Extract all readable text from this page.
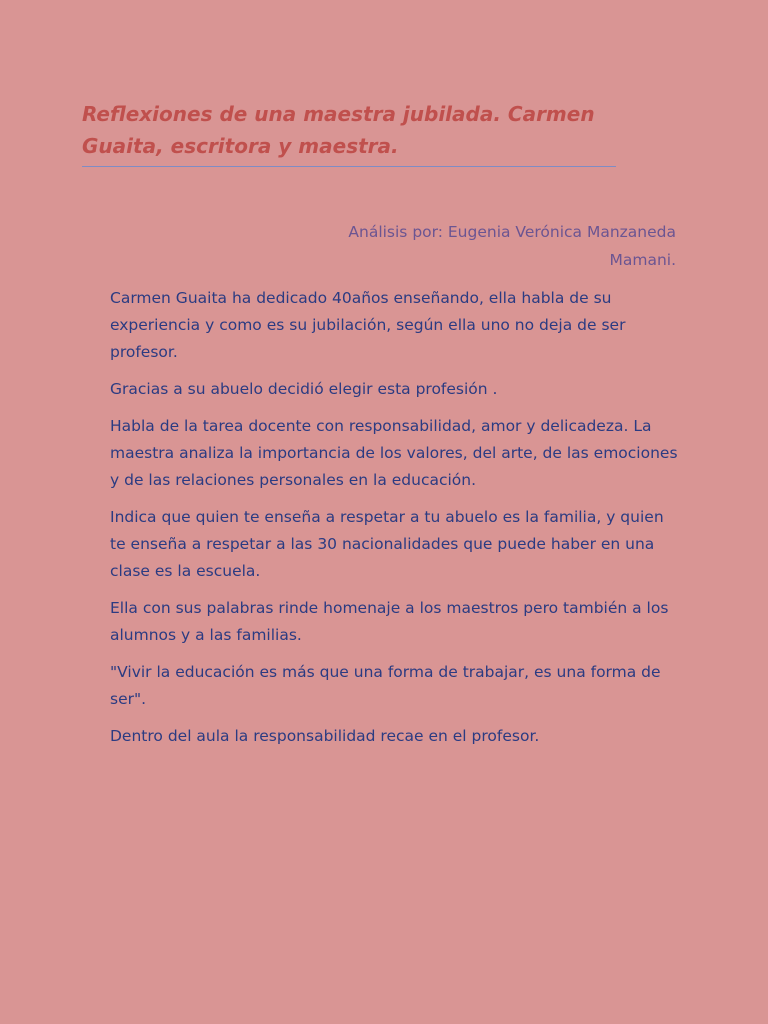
Reflexiones de una maestra jubilada. Carmen Guaita, escritora y maestra.

Análisis por: Eugenia Verónica Manzaneda Mamani.

Carmen Guaita ha dedicado 40años enseñando, ella habla de su experiencia y como es su jubilación, según ella uno no deja de ser profesor.

Gracias a su abuelo decidió elegir esta profesión .

Habla de la tarea docente con responsabilidad, amor y delicadeza. La maestra analiza la importancia de los valores, del arte, de las emociones y de las relaciones personales en la educación.

Indica que quien te enseña a respetar a tu abuelo es la familia, y quien te enseña a respetar a las 30 nacionalidades que puede haber en una clase es la escuela.

Ella con sus palabras rinde homenaje a los maestros pero también a los alumnos y a las familias.

"Vivir la educación es más que una forma de trabajar, es una forma de ser".

Dentro del aula la responsabilidad recae en el profesor.
